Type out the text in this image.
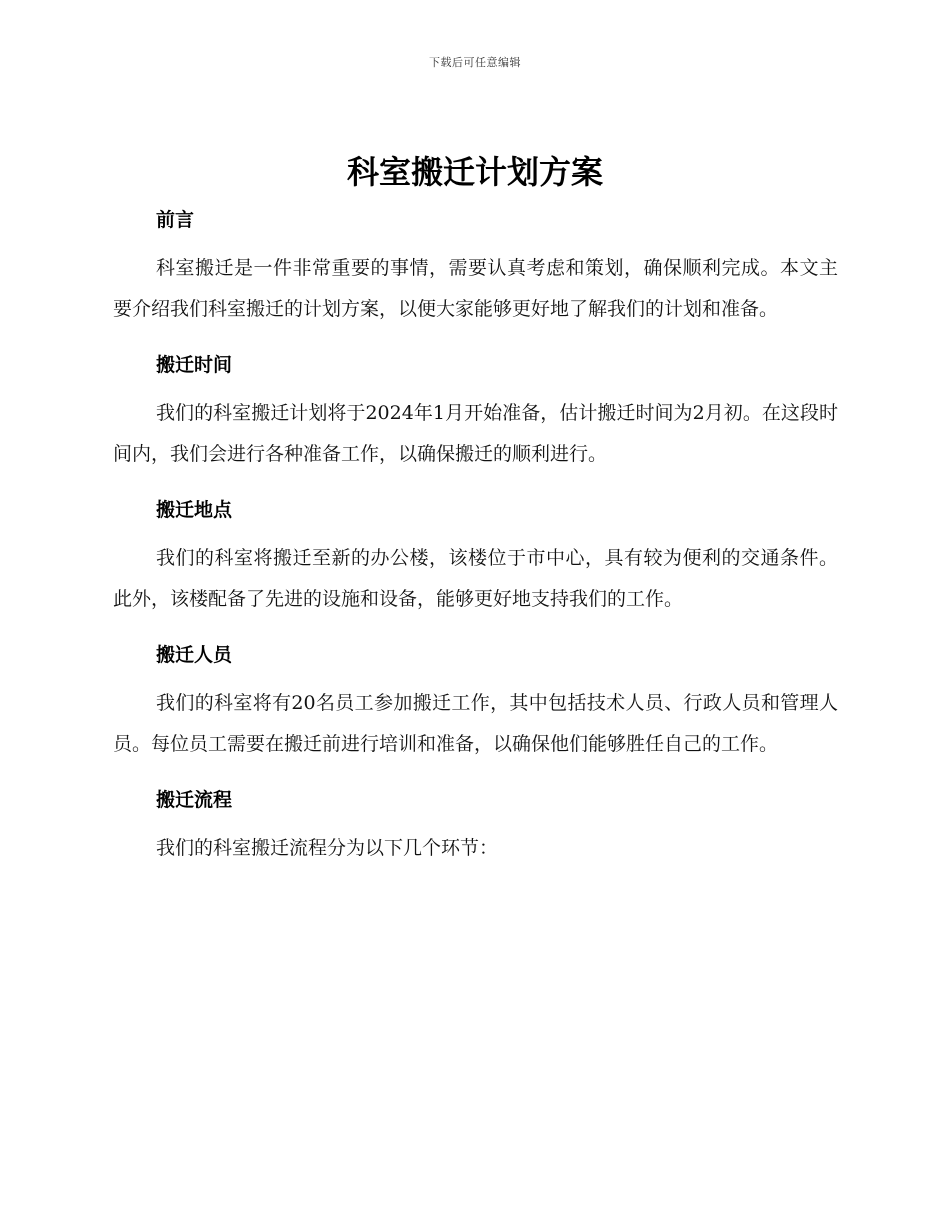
下载后可任意编辑
科室搬迁计划方案
前言

科室搬迁是一件非常重要的事情，需要认真考虑和策划，确保顺利完成。本文主要介绍我们科室搬迁的计划方案，以便大家能够更好地了解我们的计划和准备。

搬迁时间

我们的科室搬迁计划将于2024年1月开始准备，估计搬迁时间为2月初。在这段时间内，我们会进行各种准备工作，以确保搬迁的顺利进行。

搬迁地点

我们的科室将搬迁至新的办公楼，该楼位于市中心，具有较为便利的交通条件。此外，该楼配备了先进的设施和设备，能够更好地支持我们的工作。

搬迁人员

我们的科室将有20名员工参加搬迁工作，其中包括技术人员、行政人员和管理人员。每位员工需要在搬迁前进行培训和准备，以确保他们能够胜任自己的工作。

搬迁流程

我们的科室搬迁流程分为以下几个环节：
